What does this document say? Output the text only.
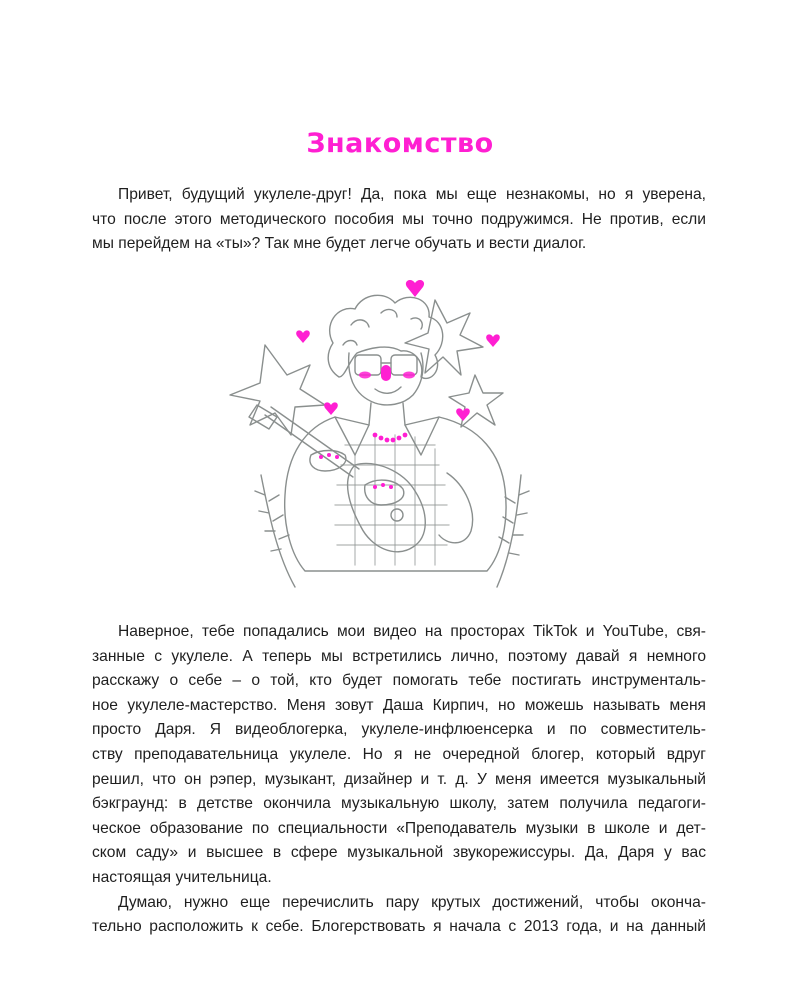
Знакомство
Привет, будущий укулеле-друг! Да, пока мы еще незнакомы, но я уверена,
что после этого методического пособия мы точно подружимся. Не против, если
мы перейдем на «ты»? Так мне будет легче обучать и вести диалог.
Наверное, тебе попадались мои видео на просторах TikTok и YouTube, свя-
занные с укулеле. А теперь мы встретились лично, поэтому давай я немного
расскажу о себе – о той, кто будет помогать тебе постигать инструменталь-
ное укулеле-мастерство. Меня зовут Даша Кирпич, но можешь называть меня
просто Даря. Я видеоблогерка, укулеле-инфлюенсерка и по совместитель-
ству преподавательница укулеле. Но я не очередной блогер, который вдруг
решил, что он рэпер, музыкант, дизайнер и т. д. У меня имеется музыкальный
бэкграунд: в детстве окончила музыкальную школу, затем получила педагоги-
ческое образование по специальности «Преподаватель музыки в школе и дет-
ском саду» и высшее в сфере музыкальной звукорежиссуры. Да, Даря у вас
настоящая учительница.
Думаю, нужно еще перечислить пару крутых достижений, чтобы оконча-
тельно расположить к себе. Блогерствовать я начала с 2013 года, и на данный
